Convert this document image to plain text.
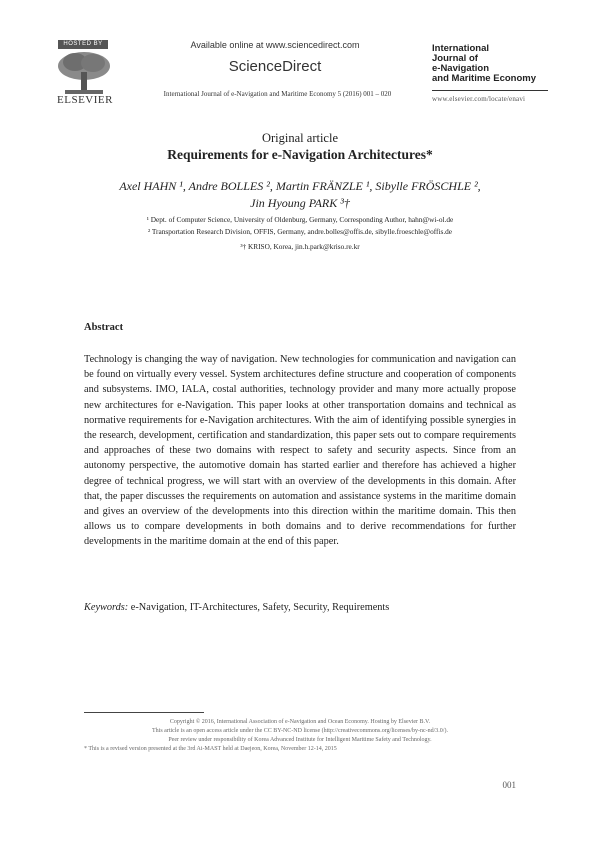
HOSTED BY
ELSEVIER
Available online at www.sciencedirect.com
ScienceDirect
International Journal of e-Navigation and Maritime Economy 5 (2016) 001 – 020
International
Journal of
e-Navigation
and Maritime Economy
www.elsevier.com/locate/enavi
Original article
Requirements for e-Navigation Architectures*
Axel HAHN ¹, Andre BOLLES ², Martin FRÄNZLE ¹, Sibylle FRÖSCHLE ²,
Jin Hyoung PARK ³†
¹ Dept. of Computer Science, University of Oldenburg, Germany, Corresponding Author, hahn@wi-ol.de
² Transportation Research Division, OFFIS, Germany, andre.bolles@offis.de, sibylle.froeschle@offis.de
³† KRISO, Korea, jin.h.park@kriso.re.kr
Abstract
Technology is changing the way of navigation. New technologies for communication and navigation can be found on virtually every vessel. System architectures define structure and cooperation of components and subsystems. IMO, IALA, costal authorities, technology provider and many more actually propose new architectures for e-Navigation. This paper looks at other transportation domains and technical as normative requirements for e-Navigation architectures. With the aim of identifying possible synergies in the research, development, certification and standardization, this paper sets out to compare requirements and approaches of these two domains with respect to safety and security aspects. Since from an autonomy perspective, the automotive domain has started earlier and therefore has achieved a higher degree of technical progress, we will start with an overview of the developments in this domain. After that, the paper discusses the requirements on automation and assistance systems in the maritime domain and gives an overview of the developments into this direction within the maritime domain. This then allows us to compare developments in both domains and to derive recommendations for further developments in the maritime domain at the end of this paper.
Keywords: e-Navigation, IT-Architectures, Safety, Security, Requirements
Copyright © 2016, International Association of e-Navigation and Ocean Economy. Hosting by Elsevier B.V.
This article is an open access article under the CC BY-NC-ND license (http://creativecommons.org/licenses/by-nc-nd/3.0/).
Peer review under responsibility of Korea Advanced Institute for Intelligent Maritime Safety and Technology.
* This is a revised version presented at the 3rd Ai-MAST held at Daejeon, Korea, November 12-14, 2015
001
